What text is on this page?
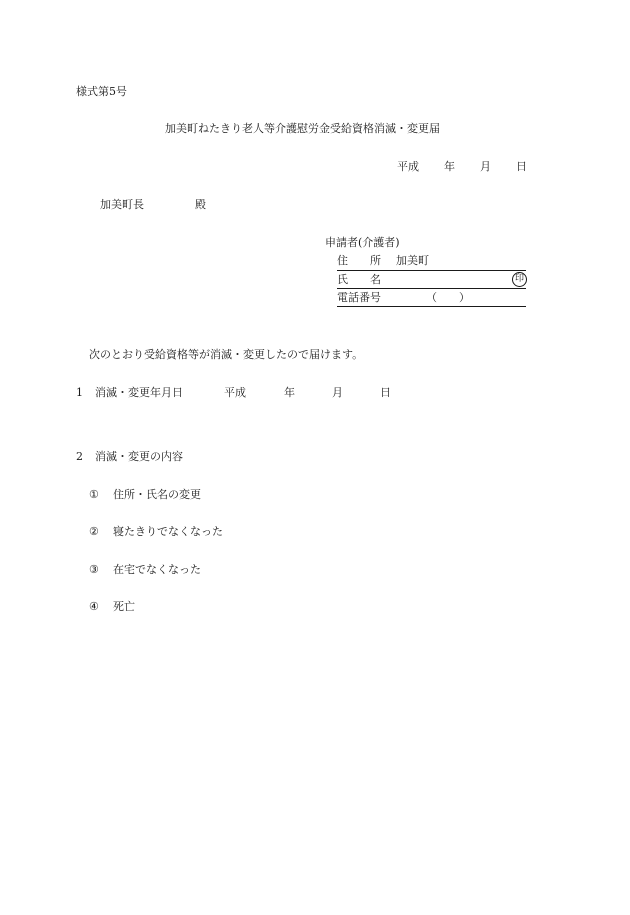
様式第5号
加美町ねたきり老人等介護慰労金受給資格消滅・変更届
平成 年 月 日
加美町長	殿
申請者(介護者)
住　　所 加美町
氏　　名	印
電話番号	（　　）
次のとおり受給資格等が消滅・変更したので届けます。
1 消滅・変更年月日	平成	年	月	日
2 消滅・変更の内容
① 住所・氏名の変更
② 寝たきりでなくなった
③ 在宅でなくなった
④ 死亡
